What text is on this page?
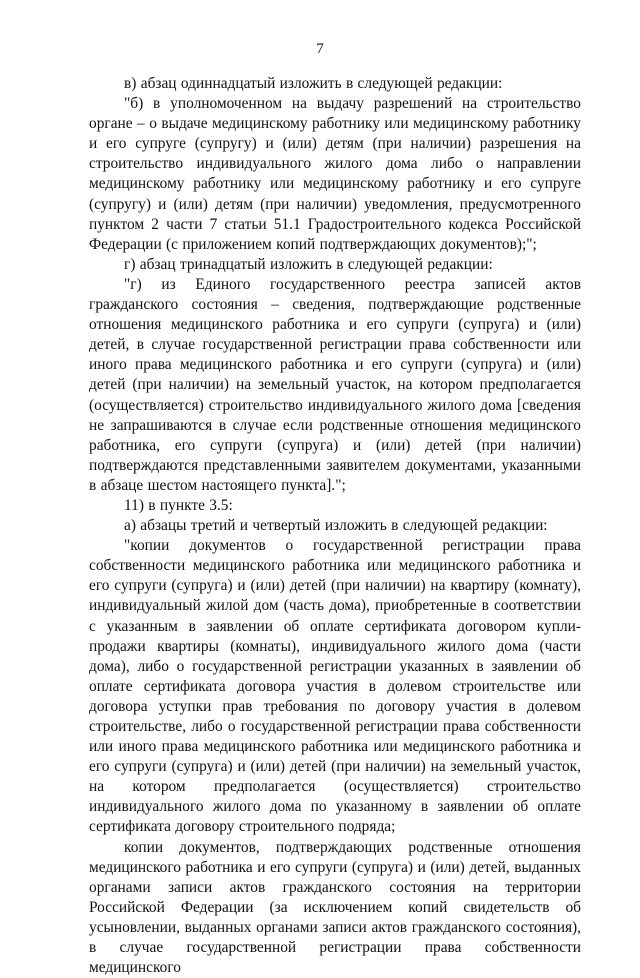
7

в) абзац одиннадцатый изложить в следующей редакции:

"б) в уполномоченном на выдачу разрешений на строительство органе – о выдаче медицинскому работнику или медицинскому работнику и его супруге (супругу) и (или) детям (при наличии) разрешения на строительство индивидуального жилого дома либо о направлении медицинскому работнику или медицинскому работнику и его супруге (супругу) и (или) детям (при наличии) уведомления, предусмотренного пунктом 2 части 7 статьи 51.1 Градостроительного кодекса Российской Федерации (с приложением копий подтверждающих документов);";

г) абзац тринадцатый изложить в следующей редакции:

"г) из Единого государственного реестра записей актов гражданского состояния – сведения, подтверждающие родственные отношения медицинского работника и его супруги (супруга) и (или) детей, в случае государственной регистрации права собственности или иного права медицинского работника и его супруги (супруга) и (или) детей (при наличии) на земельный участок, на котором предполагается (осуществляется) строительство индивидуального жилого дома [сведения не запрашиваются в случае если родственные отношения медицинского работника, его супруги (супруга) и (или) детей (при наличии) подтверждаются представленными заявителем документами, указанными в абзаце шестом настоящего пункта].";

11) в пункте 3.5:

а) абзацы третий и четвертый изложить в следующей редакции:

"копии документов о государственной регистрации права собственности медицинского работника или медицинского работника и его супруги (супруга) и (или) детей (при наличии) на квартиру (комнату), индивидуальный жилой дом (часть дома), приобретенные в соответствии с указанным в заявлении об оплате сертификата договором купли-продажи квартиры (комнаты), индивидуального жилого дома (части дома), либо о государственной регистрации указанных в заявлении об оплате сертификата договора участия в долевом строительстве или договора уступки прав требования по договору участия в долевом строительстве, либо о государственной регистрации права собственности или иного права медицинского работника или медицинского работника и его супруги (супруга) и (или) детей (при наличии) на земельный участок, на котором предполагается (осуществляется) строительство индивидуального жилого дома по указанному в заявлении об оплате сертификата договору строительного подряда;

копии документов, подтверждающих родственные отношения медицинского работника и его супруги (супруга) и (или) детей, выданных органами записи актов гражданского состояния на территории Российской Федерации (за исключением копий свидетельств об усыновлении, выданных органами записи актов гражданского состояния), в случае государственной регистрации права собственности медицинского
